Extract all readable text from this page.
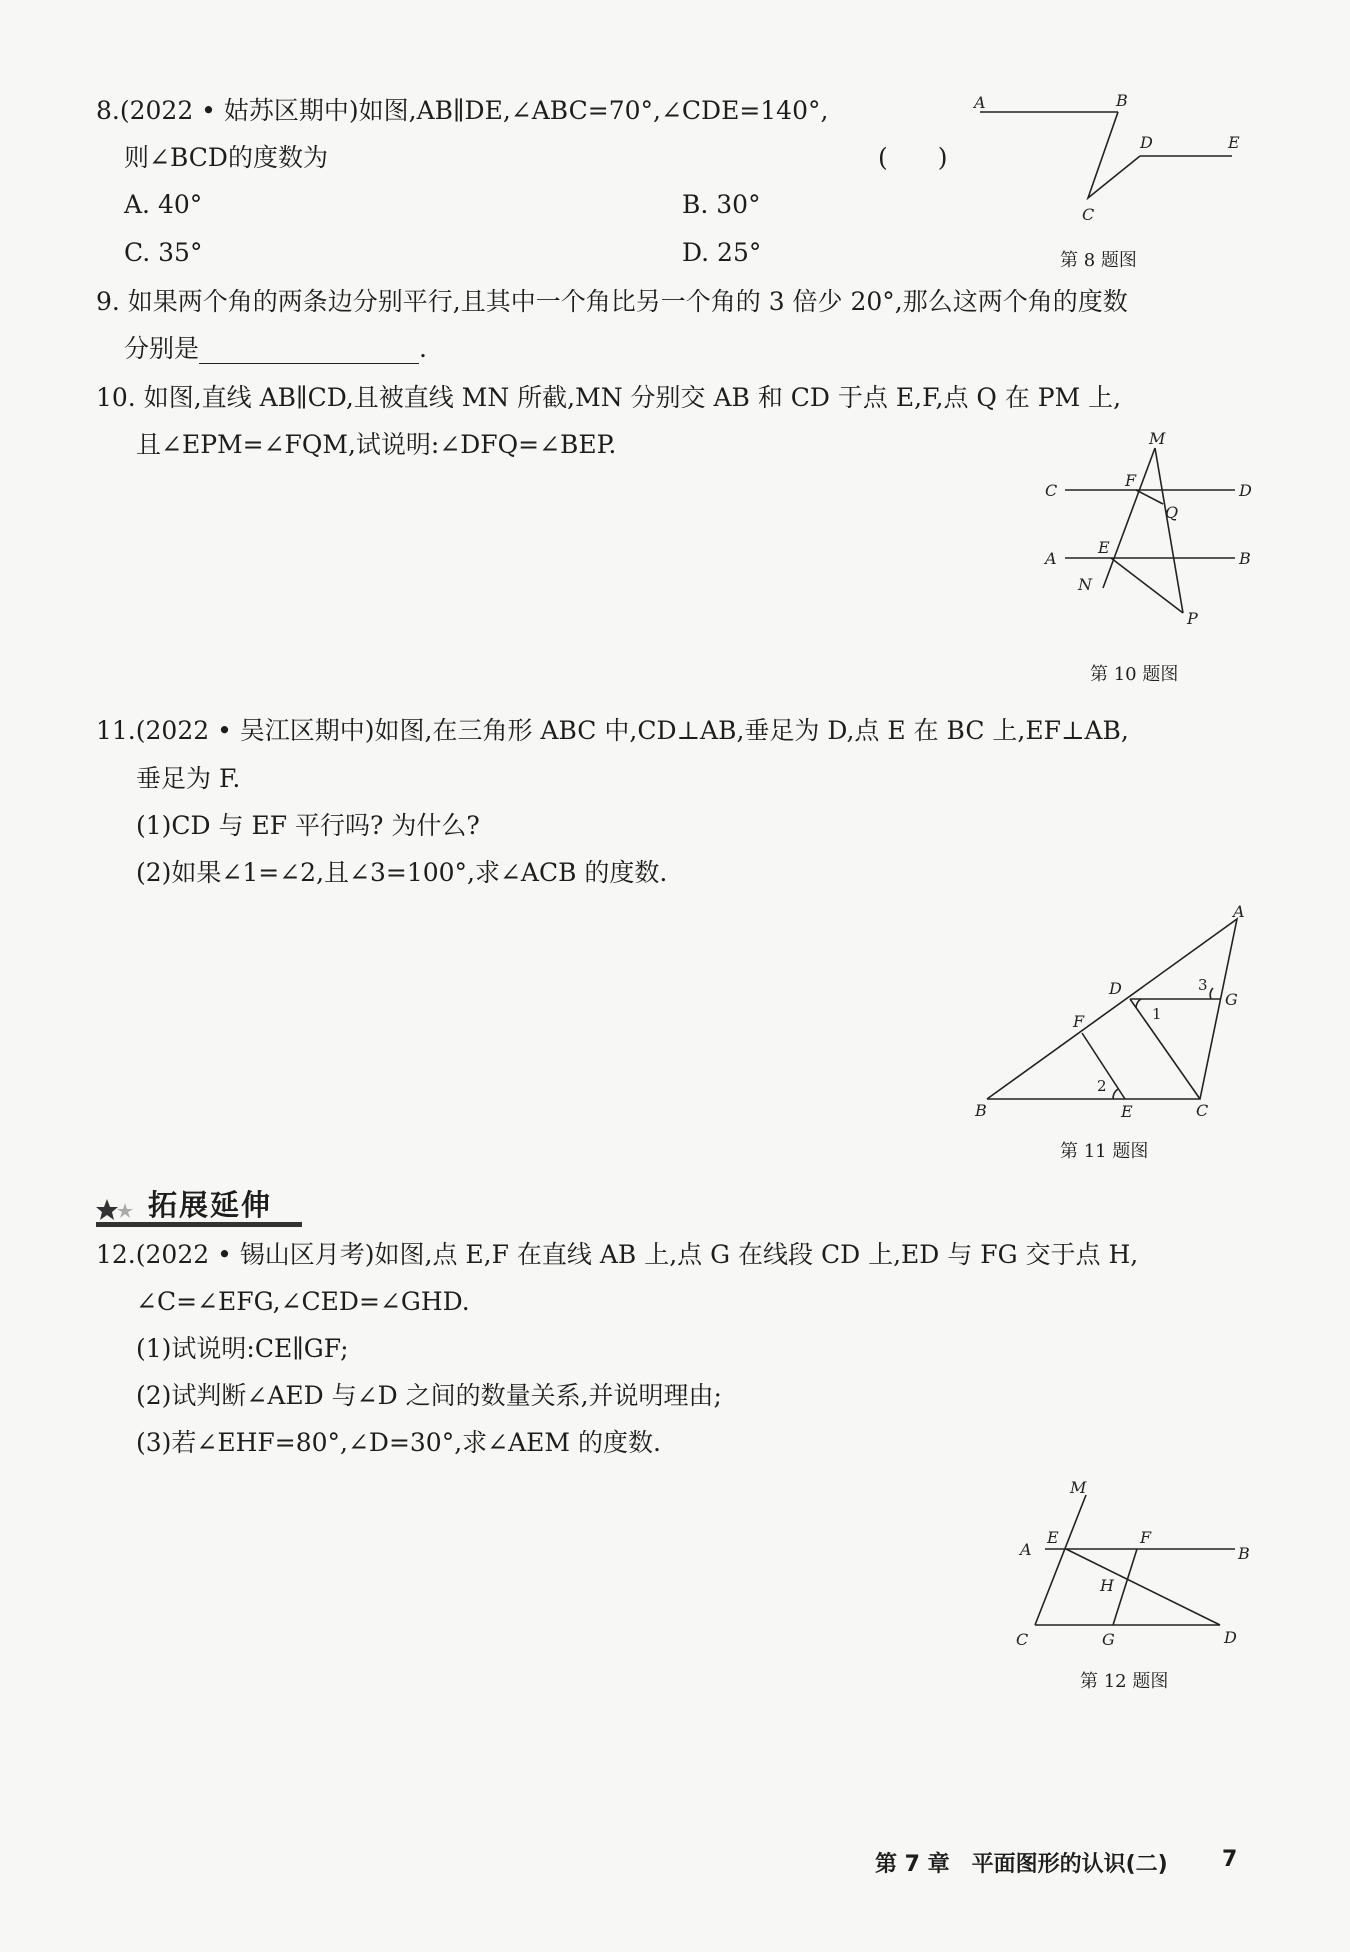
8.(2022 • 姑苏区期中)如图,AB∥DE,∠ABC=70°,∠CDE=140°,
则∠BCD的度数为	(　　)
A. 40°	B. 30°
C. 35°	D. 25°
A	B
D	E
C
第 8 题图
9. 如果两个角的两条边分别平行,且其中一个角比另一个角的 3 倍少 20°,那么这两个角的度数
分别是	.
10. 如图,直线 AB∥CD,且被直线 MN 所截,MN 分别交 AB 和 CD 于点 E,F,点 Q 在 PM 上,
且∠EPM=∠FQM,试说明:∠DFQ=∠BEP.	M
C
F
D
Q
A
E
B
N
P
第 10 题图
11.(2022 • 吴江区期中)如图,在三角形 ABC 中,CD⊥AB,垂足为 D,点 E 在 BC 上,EF⊥AB,
垂足为 F.
(1)CD 与 EF 平行吗? 为什么?
(2)如果∠1=∠2,且∠3=100°,求∠ACB 的度数.
A
D
G
F
B	E	C
1
2
3
第 11 题图
拓展延伸
12.(2022 • 锡山区月考)如图,点 E,F 在直线 AB 上,点 G 在线段 CD 上,ED 与 FG 交于点 H,
∠C=∠EFG,∠CED=∠GHD.
(1)试说明:CE∥GF;
(2)试判断∠AED 与∠D 之间的数量关系,并说明理由;
(3)若∠EHF=80°,∠D=30°,求∠AEM 的度数.
M
A
E	F
B
H
C	G	D
第 12 题图
第 7 章　平面图形的认识(二) 7
